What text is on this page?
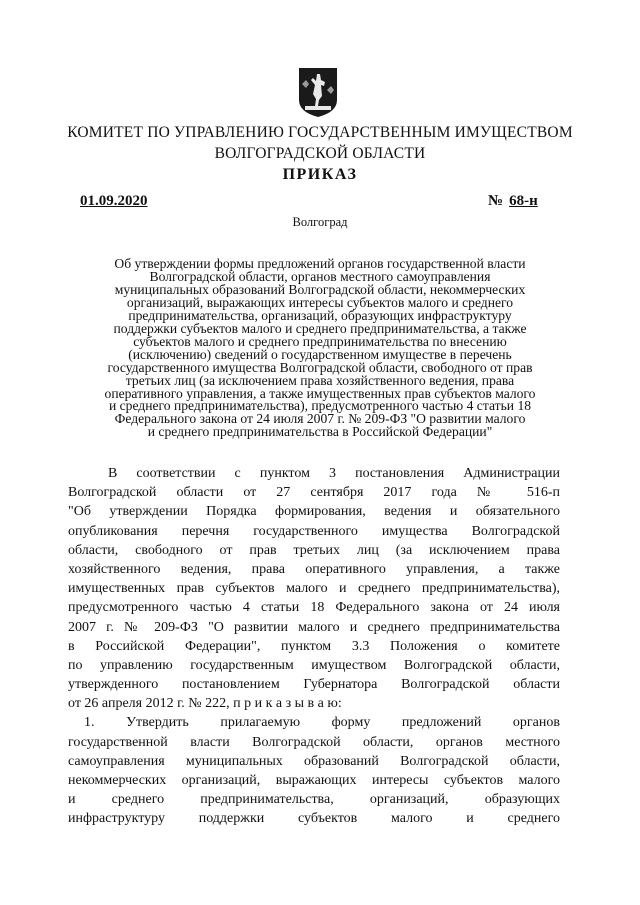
КОМИТЕТ ПО УПРАВЛЕНИЮ ГОСУДАРСТВЕННЫМ ИМУЩЕСТВОМ
ВОЛГОГРАДСКОЙ ОБЛАСТИ
ПРИКАЗ
01.09.2020	№ 68-н
Волгоград
Об утверждении формы предложений органов государственной власти
Волгоградской области, органов местного самоуправления
муниципальных образований Волгоградской области, некоммерческих
организаций, выражающих интересы субъектов малого и среднего
предпринимательства, организаций, образующих инфраструктуру
поддержки субъектов малого и среднего предпринимательства, а также
субъектов малого и среднего предпринимательства по внесению
(исключению) сведений о государственном имуществе в перечень
государственного имущества Волгоградской области, свободного от прав
третьих лиц (за исключением права хозяйственного ведения, права
оперативного управления, а также имущественных прав субъектов малого
и среднего предпринимательства), предусмотренного частью 4 статьи 18
Федерального закона от 24 июля 2007 г. № 209-ФЗ "О развитии малого
и среднего предпринимательства в Российской Федерации"
В соответствии с пунктом 3 постановления Администрации
Волгоградской области от 27 сентября 2017 года № 516-п
"Об утверждении Порядка формирования, ведения и обязательного
опубликования перечня государственного имущества Волгоградской
области, свободного от прав третьих лиц (за исключением права
хозяйственного ведения, права оперативного управления, а также
имущественных прав субъектов малого и среднего предпринимательства),
предусмотренного частью 4 статьи 18 Федерального закона от 24 июля
2007 г. № 209-ФЗ "О развитии малого и среднего предпринимательства
в Российской Федерации", пунктом 3.3 Положения о комитете
по управлению государственным имуществом Волгоградской области,
утвержденного постановлением Губернатора Волгоградской области
от 26 апреля 2012 г. № 222, п р и к а з ы в а ю:
1. Утвердить прилагаемую форму предложений органов
государственной власти Волгоградской области, органов местного
самоуправления муниципальных образований Волгоградской области,
некоммерческих организаций, выражающих интересы субъектов малого
и среднего предпринимательства, организаций, образующих
инфраструктуру поддержки субъектов малого и среднего
